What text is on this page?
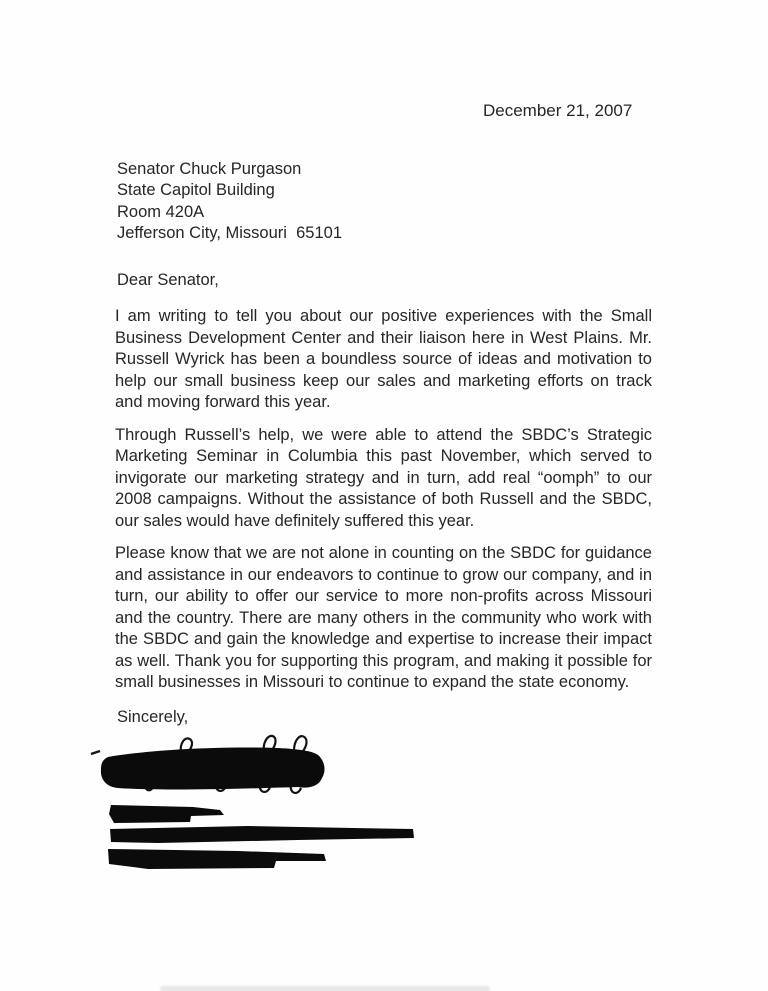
December 21, 2007
Senator Chuck Purgason
State Capitol Building
Room 420A
Jefferson City, Missouri  65101
Dear Senator,

I am writing to tell you about our positive experiences with the Small Business Development Center and their liaison here in West Plains. Mr. Russell Wyrick has been a boundless source of ideas and motivation to help our small business keep our sales and marketing efforts on track and moving forward this year.

Through Russell’s help, we were able to attend the SBDC’s Strategic Marketing Seminar in Columbia this past November, which served to invigorate our marketing strategy and in turn, add real “oomph” to our 2008 campaigns. Without the assistance of both Russell and the SBDC, our sales would have definitely suffered this year.

Please know that we are not alone in counting on the SBDC for guidance and assistance in our endeavors to continue to grow our company, and in turn, our ability to offer our service to more non-profits across Missouri and the country. There are many others in the community who work with the SBDC and gain the knowledge and expertise to increase their impact as well. Thank you for supporting this program, and making it possible for small businesses in Missouri to continue to expand the state economy.

Sincerely,
